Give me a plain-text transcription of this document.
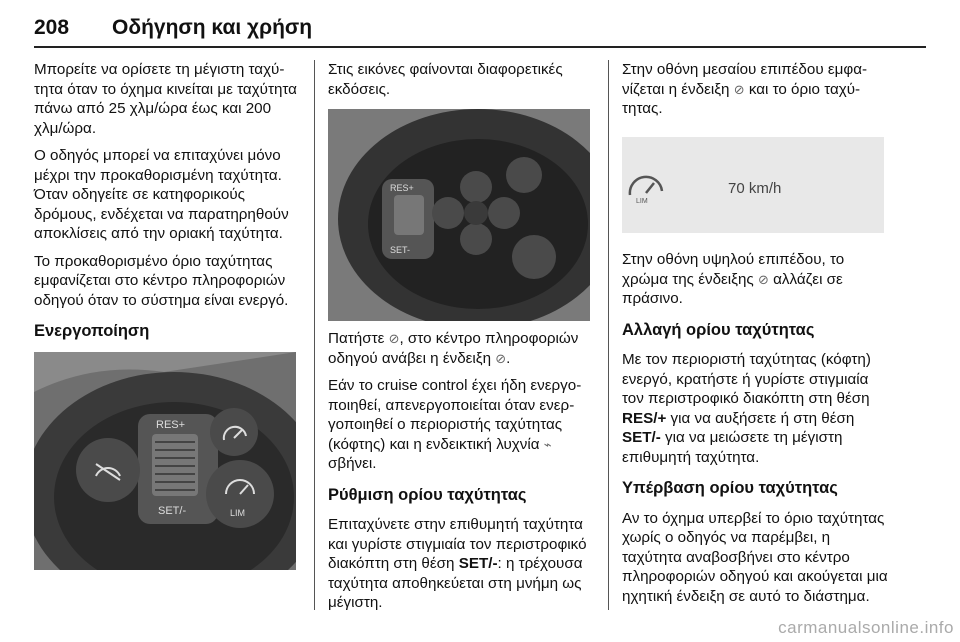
208 Οδήγηση και χρήση

Μπορείτε να ορίσετε τη μέγιστη ταχύτητα όταν το όχημα κινείται με ταχύτητα πάνω από 25 χλμ/ώρα έως και 200 χλμ/ώρα.

Ο οδηγός μπορεί να επιταχύνει μόνο μέχρι την προκαθορισμένη ταχύτητα. Όταν οδηγείτε σε κατηφορικούς δρόμους, ενδέχεται να παρατηρηθούν αποκλίσεις από την οριακή ταχύτητα.

Το προκαθορισμένο όριο ταχύτητας εμφανίζεται στο κέντρο πληροφοριών οδηγού όταν το σύστημα είναι ενεργό.

Ενεργοποίηση
RES+
SET/-	LIM

Στις εικόνες φαίνονται διαφορετικές εκδόσεις.

RES+
SET-

Πατήστε ⊘, στο κέντρο πληροφοριών οδηγού ανάβει η ένδειξη ⊘.

Εάν το cruise control έχει ήδη ενεργοποιηθεί, απενεργοποιείται όταν ενεργοποιηθεί ο περιοριστής ταχύτητας (κόφτης) και η ενδεικτική λυχνία ⌁ σβήνει.

Ρύθμιση ορίου ταχύτητας

Επιταχύνετε στην επιθυμητή ταχύτητα και γυρίστε στιγμιαία τον περιστροφικό διακόπτη στη θέση SET/-: η τρέχουσα ταχύτητα αποθηκεύεται στη μνήμη ως μέγιστη.

Στην οθόνη μεσαίου επιπέδου εμφανίζεται η ένδειξη ⊘ και το όριο ταχύτητας.

LIM
70 km/h

Στην οθόνη υψηλού επιπέδου, το χρώμα της ένδειξης ⊘ αλλάζει σε πράσινο.

Αλλαγή ορίου ταχύτητας

Με τον περιοριστή ταχύτητας (κόφτη) ενεργό, κρατήστε ή γυρίστε στιγμιαία τον περιστροφικό διακόπτη στη θέση RES/+ για να αυξήσετε ή στη θέση SET/- για να μειώσετε τη μέγιστη επιθυμητή ταχύτητα.

Υπέρβαση ορίου ταχύτητας

Αν το όχημα υπερβεί το όριο ταχύτητας χωρίς ο οδηγός να παρέμβει, η ταχύτητα αναβοσβήνει στο κέντρο πληροφοριών οδηγού και ακούγεται μια ηχητική ένδειξη σε αυτό το διάστημα.

carmanualsonline.info
